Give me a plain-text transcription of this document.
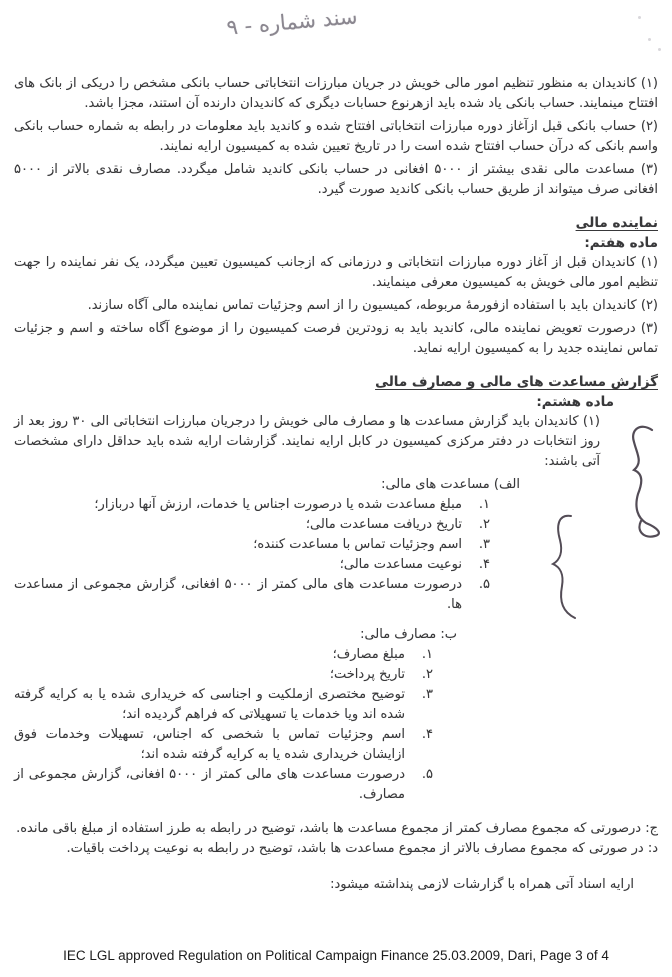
سند شماره - ۹

(۱) کاندیدان به منظور تنظیم امور مالی خویش در جریان مبارزات انتخاباتی حساب بانکی مشخص را دریکی از بانک های افتتاح مینمایند. حساب بانکی یاد شده باید ازهرنوع حسابات دیگری که کاندیدان دارنده آن استند، مجزا باشد.

(۲) حساب بانکی قبل ازآغاز دوره مبارزات انتخاباتی افتتاح شده و کاندید باید معلومات در رابطه به شماره حساب بانکی واسم بانکی که درآن حساب افتتاح شده است را در تاریخ تعیین شده به کمیسیون ارایه نمایند.

(۳) مساعدت مالی نقدی بیشتر از ۵۰۰۰ افغانی در حساب بانکی کاندید شامل میگردد. مصارف نقدی بالاتر از ۵۰۰۰ افغانی صرف میتواند از طریق حساب بانکی کاندید صورت گیرد.

نماینده مالی
ماده هفتم:

(۱) کاندیدان قبل از آغاز دوره مبارزات انتخاباتی و درزمانی که ازجانب کمیسیون تعیین میگردد، یک نفر نماینده را جهت تنظیم امور مالی خویش به کمیسیون معرفی مینمایند.

(۲) کاندیدان باید با استفاده ازفورمهٔ مربوطه، کمیسیون را از اسم وجزئیات تماس نماینده مالی آگاه سازند.

(۳) درصورت تعویض نماینده مالی، کاندید باید به زودترین فرصت کمیسیون را از موضوع آگاه ساخته و اسم و جزئیات تماس نماینده جدید را به کمیسیون ارایه نماید.

گزارش مساعدت های مالی و مصارف مالی
ماده هشتم:

(۱) کاندیدان باید گزارش مساعدت ها و مصارف مالی خویش را درجریان مبارزات انتخاباتی الی ۳۰ روز بعد از روز انتخابات در دفتر مرکزی کمیسیون در کابل ارایه نمایند. گزارشات ارایه شده باید حداقل دارای مشخصات آتی باشند:

الف) مساعدت های مالی:
۱.
مبلغ مساعدت شده یا درصورت اجناس یا خدمات، ارزش آنها دربازار؛
۲.
تاریخ دریافت مساعدت مالی؛
۳.
اسم وجزئیات تماس با مساعدت کننده؛
۴.
نوعیت مساعدت مالی؛
۵.
درصورت مساعدت های مالی کمتر از ۵۰۰۰ افغانی، گزارش مجموعی از مساعدت ها.
ب: مصارف مالی:
۱.
مبلغ مصارف؛
۲.
تاریخ پرداخت؛
۳.
توضیح مختصری ازملکیت و اجناسی که خریداری شده یا به کرایه گرفته شده اند ویا خدمات یا تسهیلاتی که فراهم گردیده اند؛
۴.
اسم وجزئیات تماس با شخصی که اجناس، تسهیلات وخدمات فوق ازایشان خریداری شده یا به کرایه گرفته شده اند؛
۵.
درصورت مساعدت های مالی کمتر از ۵۰۰۰ افغانی، گزارش مجموعی از مصارف.

ج: درصورتی که مجموع مصارف کمتر از مجموع مساعدت ها باشد، توضیح در رابطه به طرز استفاده از مبلغ باقی مانده.

د: در صورتی که مجموع مصارف بالاتر از مجموع مساعدت ها باشد، توضیح در رابطه به نوعیت پرداخت باقیات.

ارایه اسناد آتی همراه با گزارشات لازمی پنداشته میشود:
IEC LGL approved Regulation on Political Campaign Finance 25.03.2009, Dari, Page 3 of 4
